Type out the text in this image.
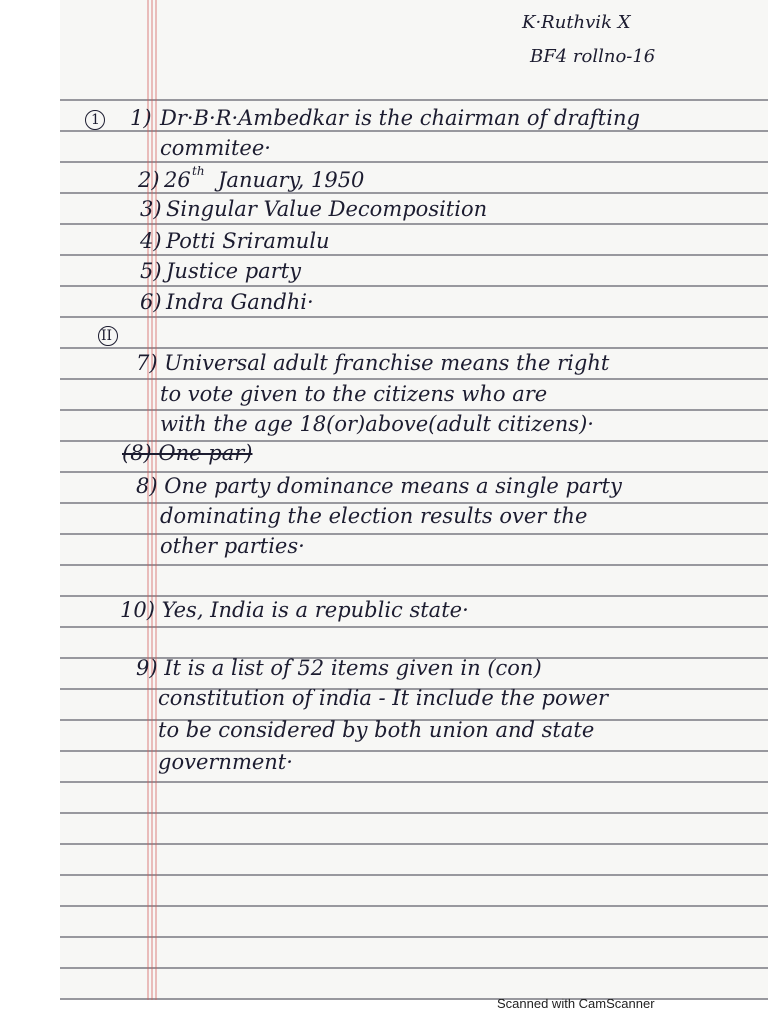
K·Ruthvik X
BF4 rollno-16
1 1) Dr·B·R·Ambedkar is the chairman of drafting
commitee·
2) 26 th January, 1950
3) Singular Value Decomposition
4) Potti Sriramulu
5) Justice party
6) Indra Gandhi·
II
7) Universal adult franchise means the right
to vote given to the citizens who are
with the age 18(or)above(adult citizens)·
(8) One par)
8) One party dominance means a single party
dominating the election results over the
other parties·
10) Yes, India is a republic state·
9) It is a list of 52 items given in (con)
constitution of india - It include the power
to be considered by both union and state
government·
Scanned with CamScanner
